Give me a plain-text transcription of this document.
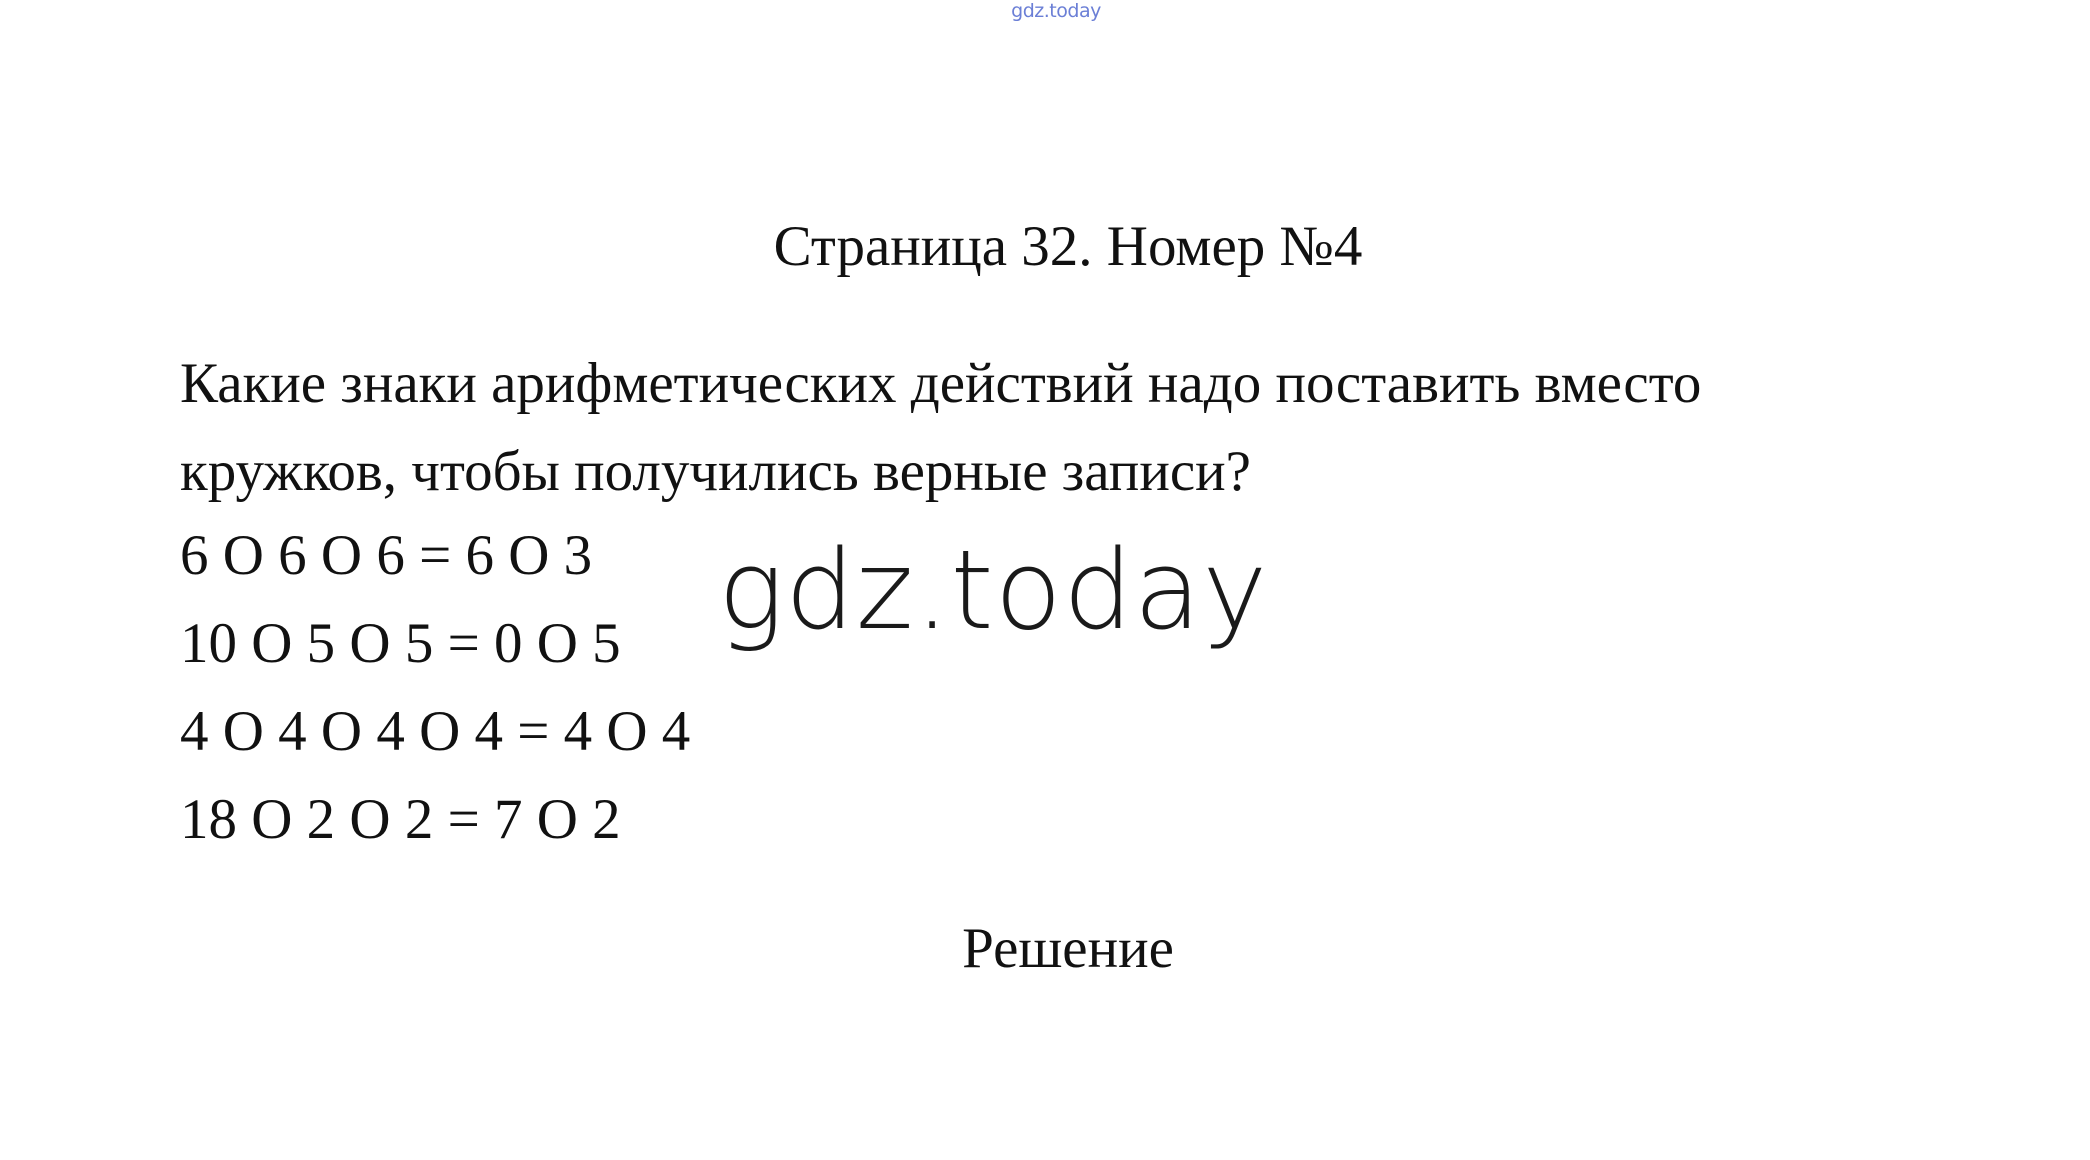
gdz.today
Страница 32. Номер №4
Какие знаки арифметических действий надо поставить вместо
кружков, чтобы получились верные записи?
6 O 6 O 6 = 6 O 3
10 O 5 O 5 = 0 O 5
4 O 4 O 4 O 4 = 4 O 4
18 O 2 O 2 = 7 O 2
gdz.today
Решение
